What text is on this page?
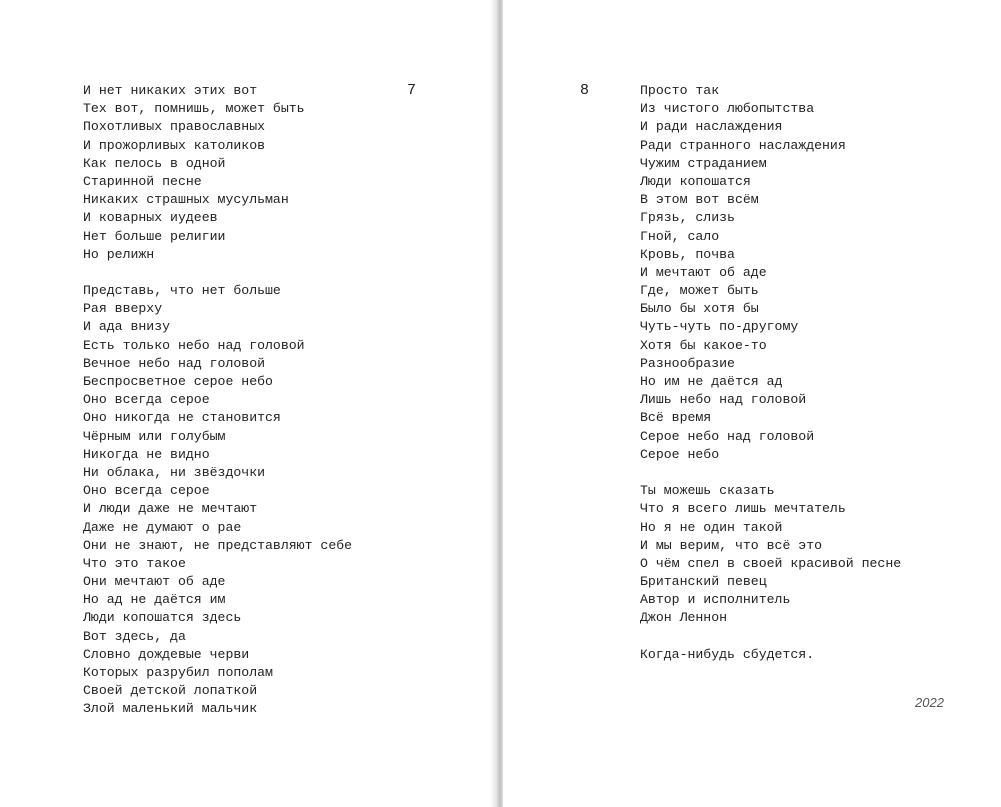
И нет никаких этих вот
Тех вот, помнишь, может быть
Похотливых православных
И прожорливых католиков
Как пелось в одной
Старинной песне
Никаких страшных мусульман
И коварных иудеев
Нет больше религии
Но релижн
Представь, что нет больше
Рая вверху
И ада внизу
Есть только небо над головой
Вечное небо над головой
Беспросветное серое небо
Оно всегда серое
Оно никогда не становится
Чёрным или голубым
Никогда не видно
Ни облака, ни звёздочки
Оно всегда серое
И люди даже не мечтают
Даже не думают о рае
Они не знают, не представляют себе
Что это такое
Они мечтают об аде
Но ад не даётся им
Люди копошатся здесь
Вот здесь, да
Словно дождевые черви
Которых разрубил пополам
Своей детской лопаткой
Злой маленький мальчик
7	8	Просто так
Из чистого любопытства
И ради наслаждения
Ради странного наслаждения
Чужим страданием
Люди копошатся
В этом вот всём
Грязь, слизь
Гной, сало
Кровь, почва
И мечтают об аде
Где, может быть
Было бы хотя бы
Чуть-чуть по-другому
Хотя бы какое-то
Разнообразие
Но им не даётся ад
Лишь небо над головой
Всё время
Серое небо над головой
Серое небо
Ты можешь сказать
Что я всего лишь мечтатель
Но я не один такой
И мы верим, что всё это
О чём спел в своей красивой песне
Британский певец
Автор и исполнитель
Джон Леннон
Когда-нибудь сбудется.
2022
